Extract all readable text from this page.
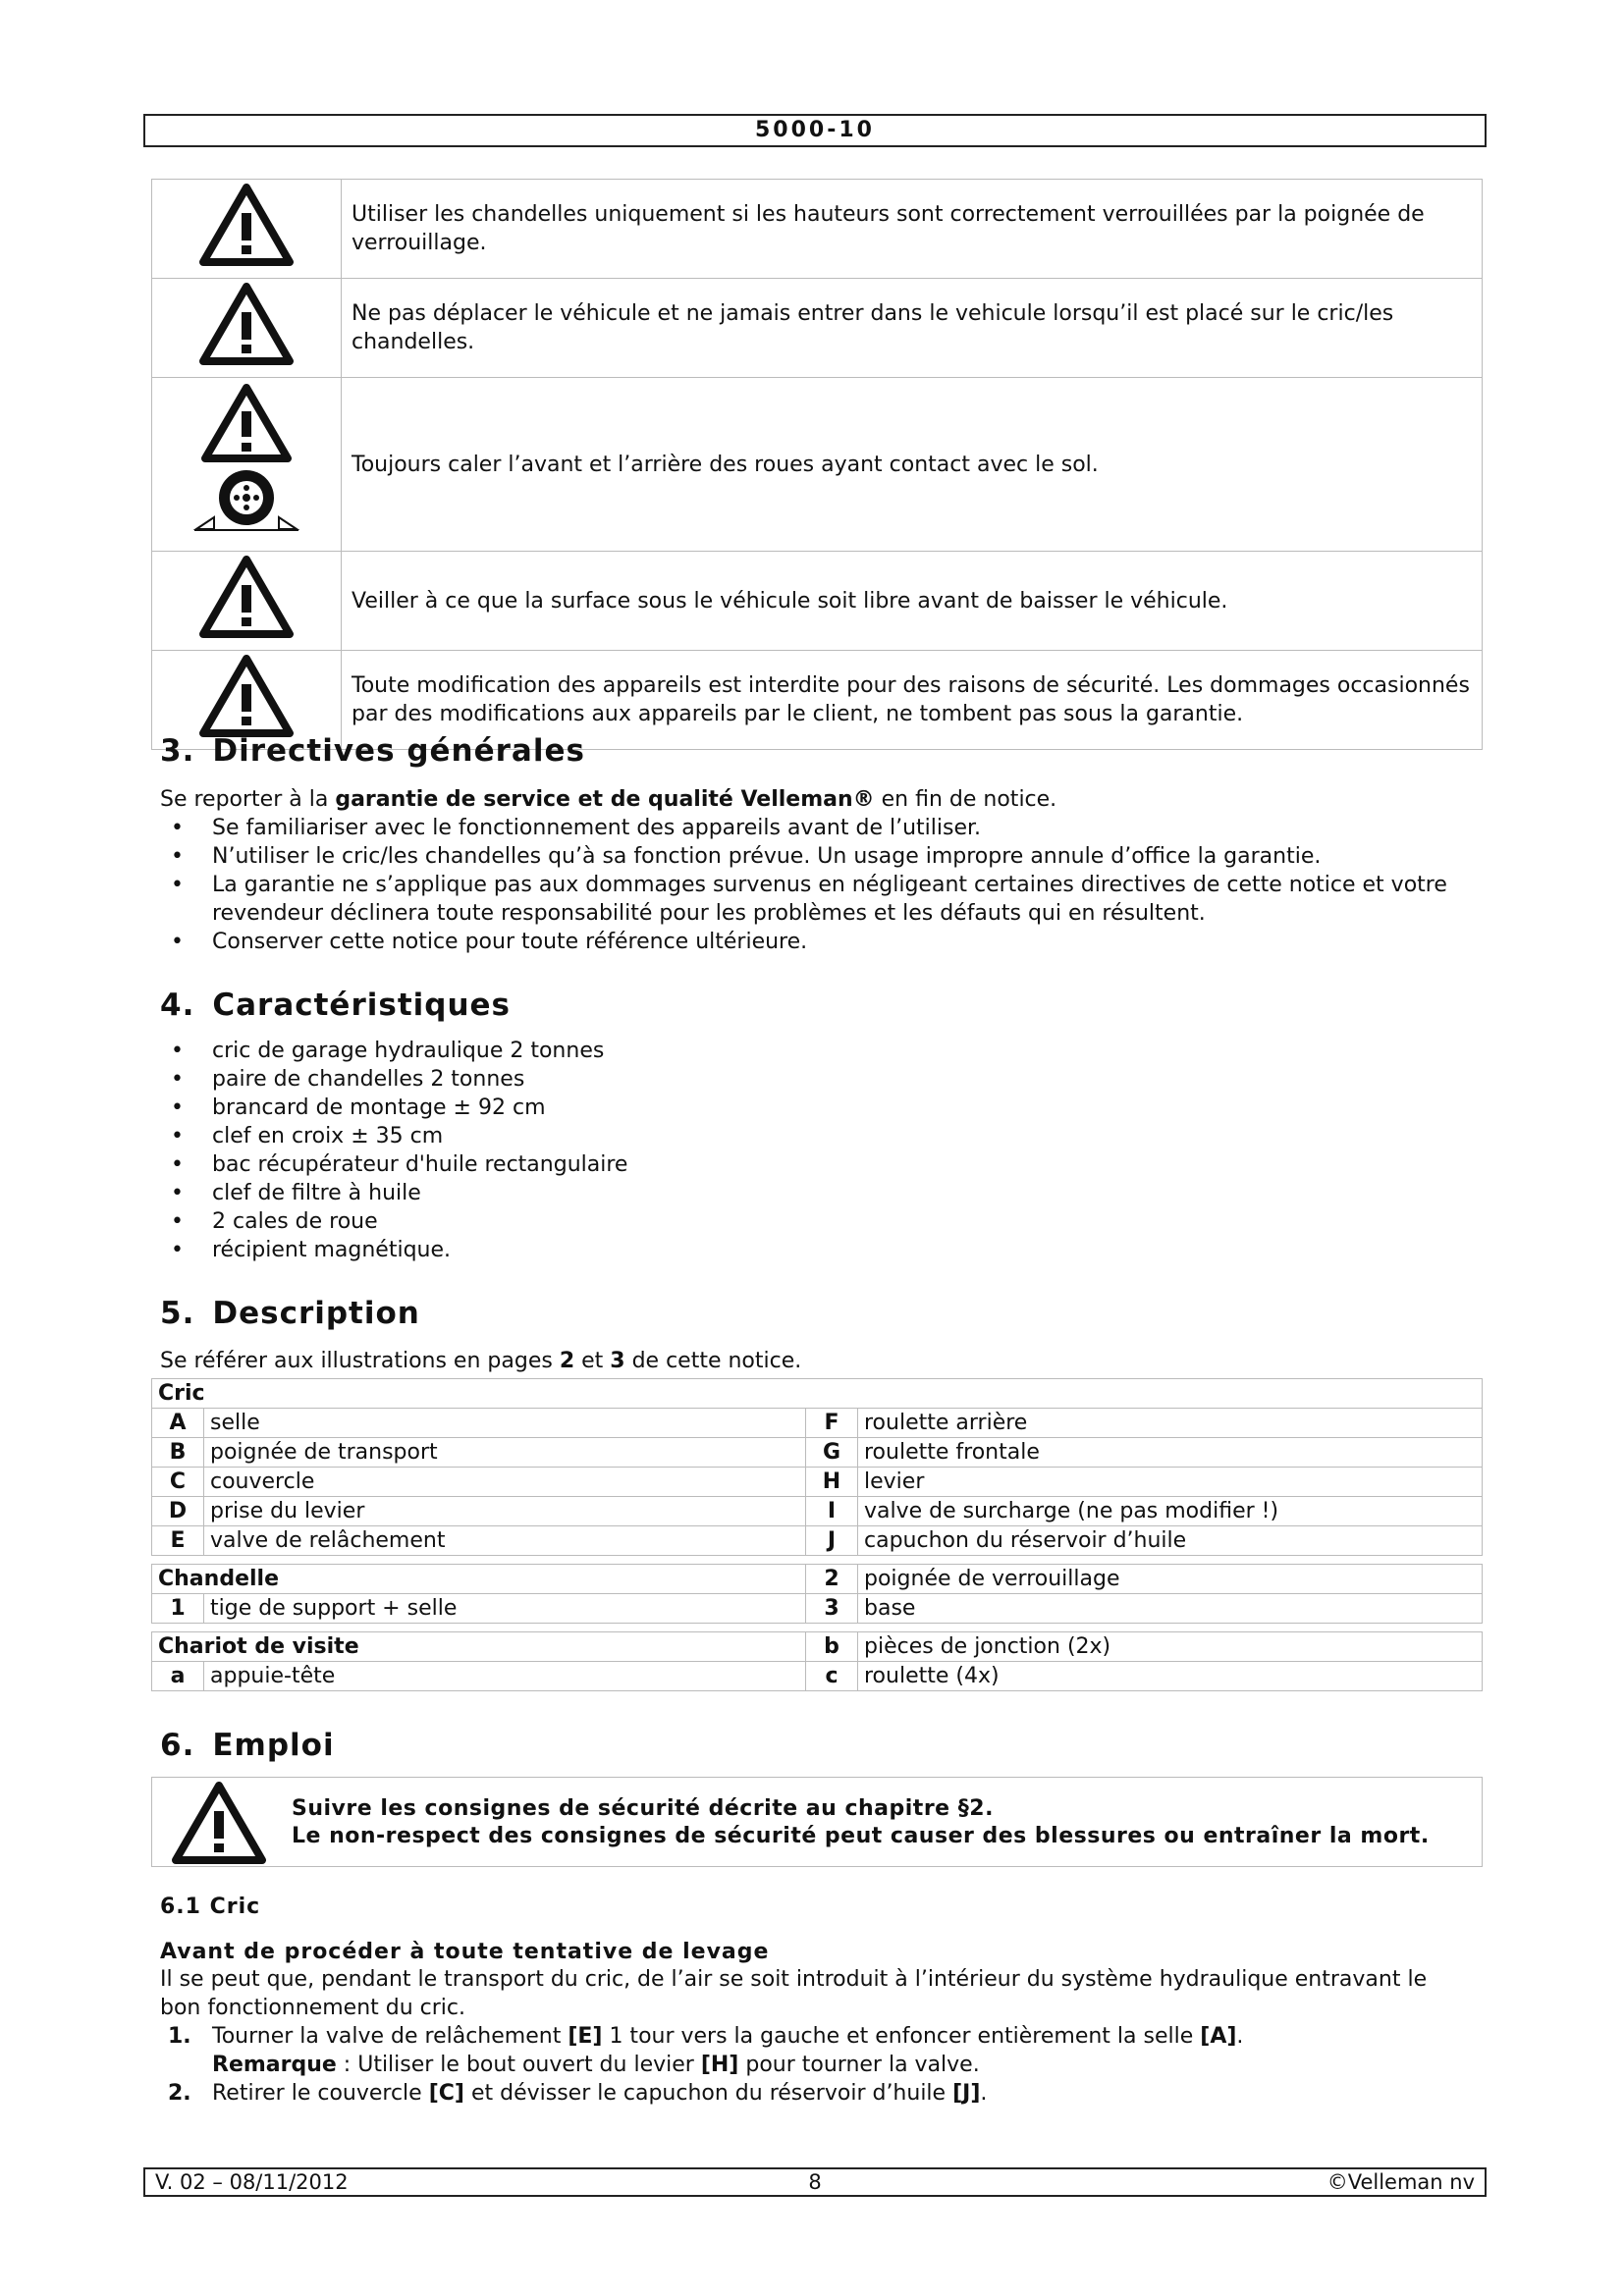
5000-10
	Utiliser les chandelles uniquement si les hauteurs sont correctement verrouillées par la poignée de verrouillage.
	Ne pas déplacer le véhicule et ne jamais entrer dans le vehicule lorsqu’il est placé sur le cric/les chandelles.
	Toujours caler l’avant et l’arrière des roues ayant contact avec le sol.
	Veiller à ce que la surface sous le véhicule soit libre avant de baisser le véhicule.
	Toute modification des appareils est interdite pour des raisons de sécurité. Les dommages occasionnés par des modifications aux appareils par le client, ne tombent pas sous la garantie.
3. Directives générales

Se reporter à la garantie de service et de qualité Velleman® en fin de notice.

• Se familiariser avec le fonctionnement des appareils avant de l’utiliser.
• N’utiliser le cric/les chandelles qu’à sa fonction prévue. Un usage impropre annule d’office la garantie.
• La garantie ne s’applique pas aux dommages survenus en négligeant certaines directives de cette notice et votre revendeur déclinera toute responsabilité pour les problèmes et les défauts qui en résultent.
• Conserver cette notice pour toute référence ultérieure.
4. Caractéristiques
• cric de garage hydraulique 2 tonnes
• paire de chandelles 2 tonnes
• brancard de montage ± 92 cm
• clef en croix ± 35 cm
• bac récupérateur d'huile rectangulaire
• clef de filtre à huile
• 2 cales de roue
• récipient magnétique.
5. Description

Se référer aux illustrations en pages 2 et 3 de cette notice.

Cric			
A	selle	F	roulette arrière
B	poignée de transport	G	roulette frontale
C	couvercle	H	levier
D	prise du levier	I	valve de surcharge (ne pas modifier !)
E	valve de relâchement	J	capuchon du réservoir d’huile

Chandelle		2	poignée de verrouillage
1	tige de support + selle	3	base

Chariot de visite		b	pièces de jonction (2x)
a	appuie-tête	c	roulette (4x)
6. Emploi
Suivre les consignes de sécurité décrite au chapitre §2.
Le non-respect des consignes de sécurité peut causer des blessures ou entraîner la mort.

6.1 Cric

Avant de procéder à toute tentative de levage

Il se peut que, pendant le transport du cric, de l’air se soit introduit à l’intérieur du système hydraulique entravant le bon fonctionnement du cric.

1. Tourner la valve de relâchement [E] 1 tour vers la gauche et enfoncer entièrement la selle [A].
Remarque : Utiliser le bout ouvert du levier [H] pour tourner la valve.
2. Retirer le couvercle [C] et dévisser le capuchon du réservoir d’huile [J].
V. 02 – 08/11/2012	8	©Velleman nv
